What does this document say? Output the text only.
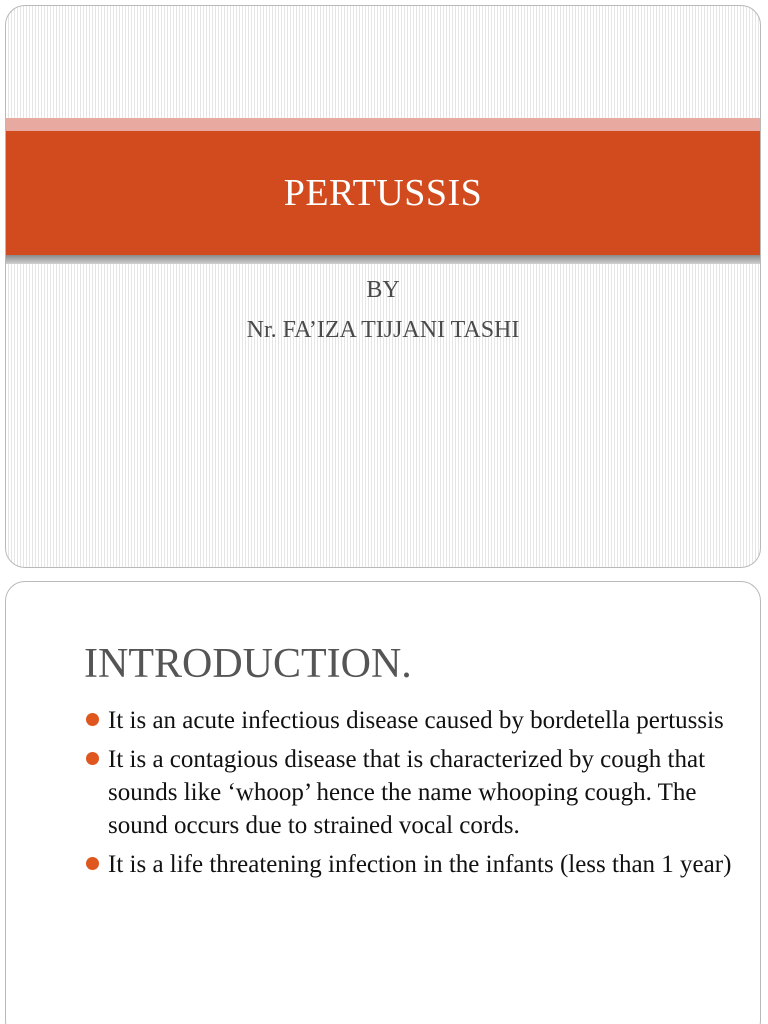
PERTUSSIS
BY
Nr. FA’IZA TIJJANI TASHI
INTRODUCTION.
It is an acute infectious disease caused by bordetella pertussis
It is a contagious disease that is characterized by cough that sounds like ‘whoop’ hence the name whooping cough. The sound occurs due to strained vocal cords.
It is a life threatening infection in the infants (less than 1 year)
